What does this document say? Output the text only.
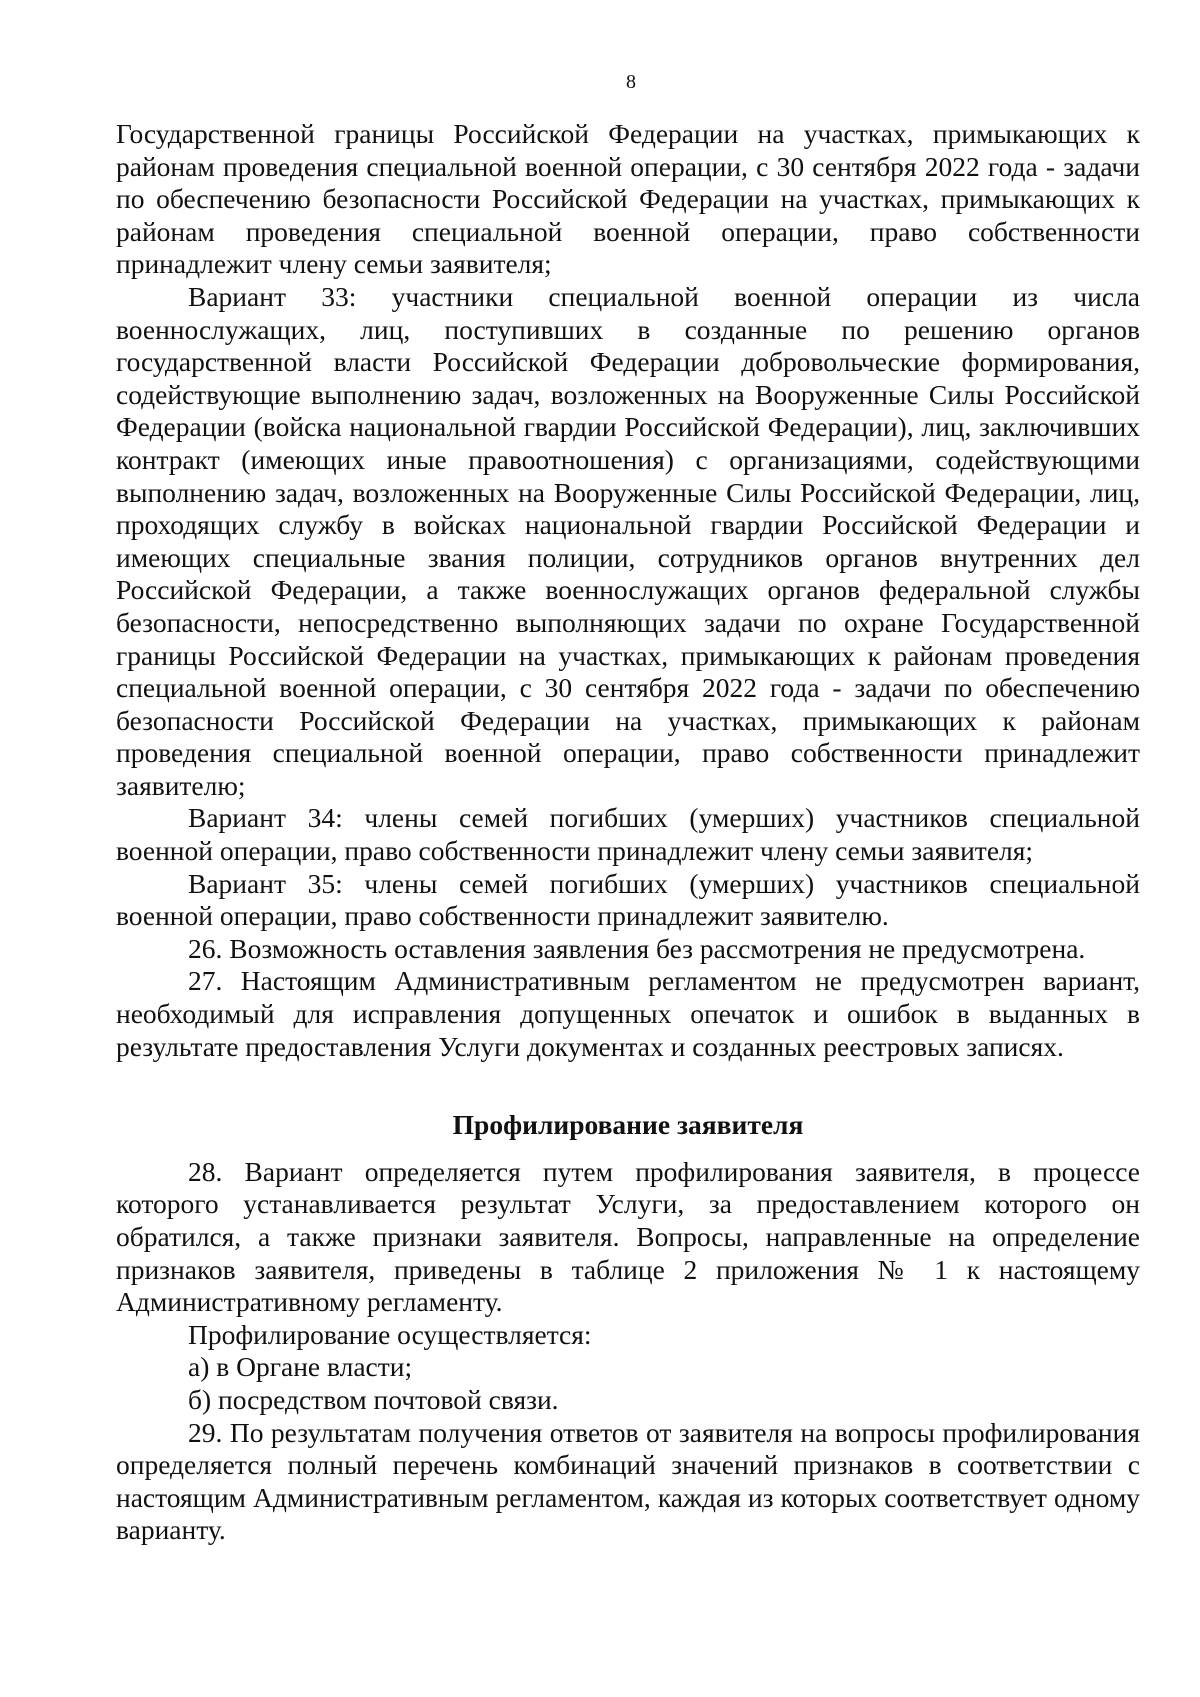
8

Государственной границы Российской Федерации на участках, примыкающих к районам проведения специальной военной операции, с 30 сентября 2022 года - задачи по обеспечению безопасности Российской Федерации на участках, примыкающих к районам проведения специальной военной операции, право собственности принадлежит члену семьи заявителя;

Вариант 33: участники специальной военной операции из числа военнослужащих, лиц, поступивших в созданные по решению органов государственной власти Российской Федерации добровольческие формирования, содействующие выполнению задач, возложенных на Вооруженные Силы Российской Федерации (войска национальной гвардии Российской Федерации), лиц, заключивших контракт (имеющих иные правоотношения) с организациями, содействующими выполнению задач, возложенных на Вооруженные Силы Российской Федерации, лиц, проходящих службу в войсках национальной гвардии Российской Федерации и имеющих специальные звания полиции, сотрудников органов внутренних дел Российской Федерации, а также военнослужащих органов федеральной службы безопасности, непосредственно выполняющих задачи по охране Государственной границы Российской Федерации на участках, примыкающих к районам проведения специальной военной операции, с 30 сентября 2022 года - задачи по обеспечению безопасности Российской Федерации на участках, примыкающих к районам проведения специальной военной операции, право собственности принадлежит заявителю;

Вариант 34: члены семей погибших (умерших) участников специальной военной операции, право собственности принадлежит члену семьи заявителя;

Вариант 35: члены семей погибших (умерших) участников специальной военной операции, право собственности принадлежит заявителю.

26. Возможность оставления заявления без рассмотрения не предусмотрена.

27. Настоящим Административным регламентом не предусмотрен вариант, необходимый для исправления допущенных опечаток и ошибок в выданных в результате предоставления Услуги документах и созданных реестровых записях.

Профилирование заявителя

28. Вариант определяется путем профилирования заявителя, в процессе которого устанавливается результат Услуги, за предоставлением которого он обратился, а также признаки заявителя. Вопросы, направленные на определение признаков заявителя, приведены в таблице 2 приложения № 1 к настоящему Административному регламенту.

Профилирование осуществляется:

а) в Органе власти;

б) посредством почтовой связи.

29. По результатам получения ответов от заявителя на вопросы профилирования определяется полный перечень комбинаций значений признаков в соответствии с настоящим Административным регламентом, каждая из которых соответствует одному варианту.
